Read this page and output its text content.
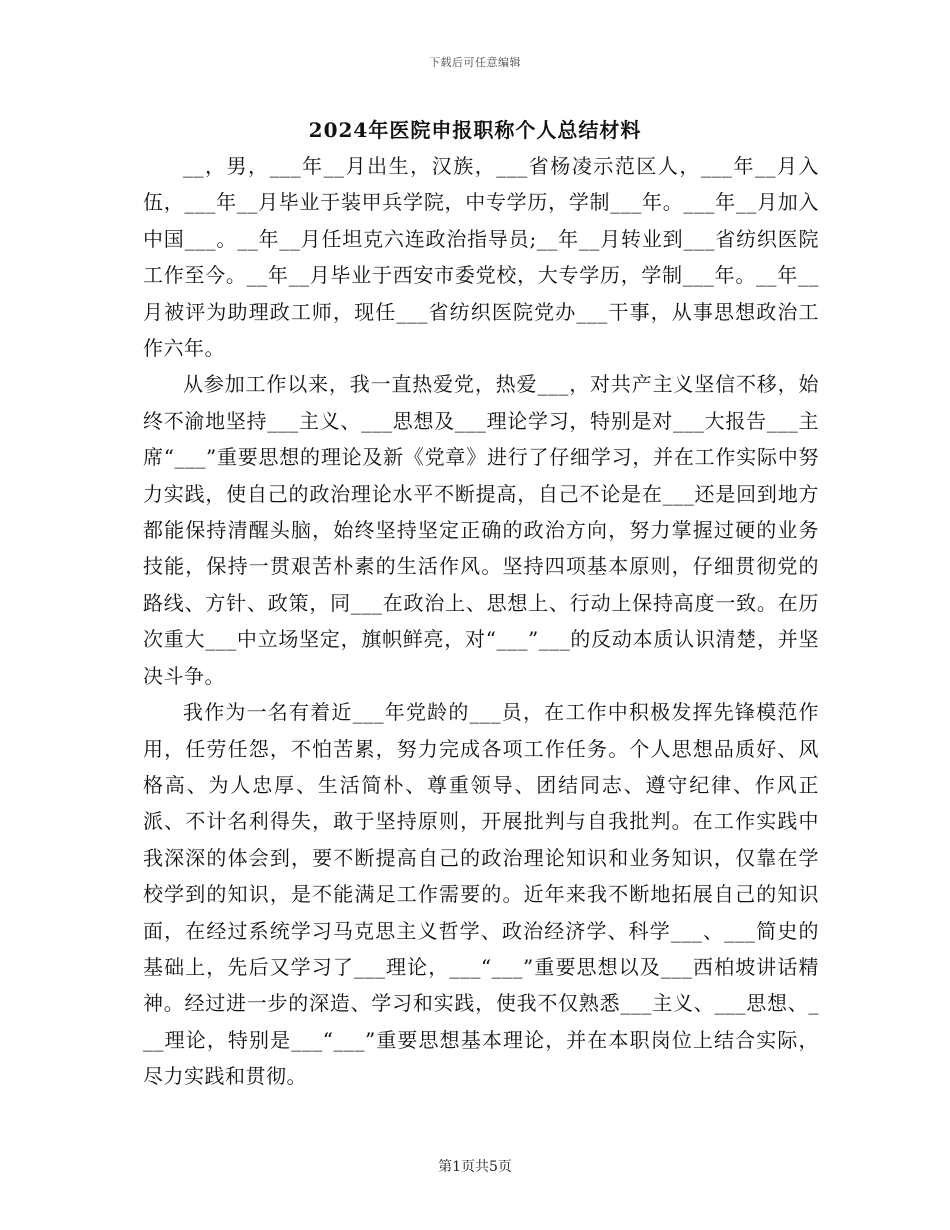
下载后可任意编辑
2024年医院申报职称个人总结材料

__，男，___年__月出生，汉族，___省杨凌示范区人，___年__月入伍，___年__月毕业于装甲兵学院，中专学历，学制___年。___年__月加入中国___。__年__月任坦克六连政治指导员;__年__月转业到___省纺织医院工作至今。__年__月毕业于西安市委党校，大专学历，学制___年。__年__月被评为助理政工师，现任___省纺织医院党办___干事，从事思想政治工作六年。

从参加工作以来，我一直热爱党，热爱___，对共产主义坚信不移，始终不渝地坚持___主义、___思想及___理论学习，特别是对___大报告___主席“___”重要思想的理论及新《党章》进行了仔细学习，并在工作实际中努力实践，使自己的政治理论水平不断提高，自己不论是在___还是回到地方都能保持清醒头脑，始终坚持坚定正确的政治方向，努力掌握过硬的业务技能，保持一贯艰苦朴素的生活作风。坚持四项基本原则，仔细贯彻党的路线、方针、政策，同___在政治上、思想上、行动上保持高度一致。在历次重大___中立场坚定，旗帜鲜亮，对“___”___的反动本质认识清楚，并坚决斗争。

我作为一名有着近___年党龄的___员，在工作中积极发挥先锋模范作用，任劳任怨，不怕苦累，努力完成各项工作任务。个人思想品质好、风格高、为人忠厚、生活简朴、尊重领导、团结同志、遵守纪律、作风正派、不计名利得失，敢于坚持原则，开展批判与自我批判。在工作实践中我深深的体会到，要不断提高自己的政治理论知识和业务知识，仅靠在学校学到的知识，是不能满足工作需要的。近年来我不断地拓展自己的知识面，在经过系统学习马克思主义哲学、政治经济学、科学___、___简史的基础上，先后又学习了___理论，___“___”重要思想以及___西柏坡讲话精神。经过进一步的深造、学习和实践，使我不仅熟悉___主义、___思想、___理论，特别是___“___”重要思想基本理论，并在本职岗位上结合实际，尽力实践和贯彻。

第1页共5页
